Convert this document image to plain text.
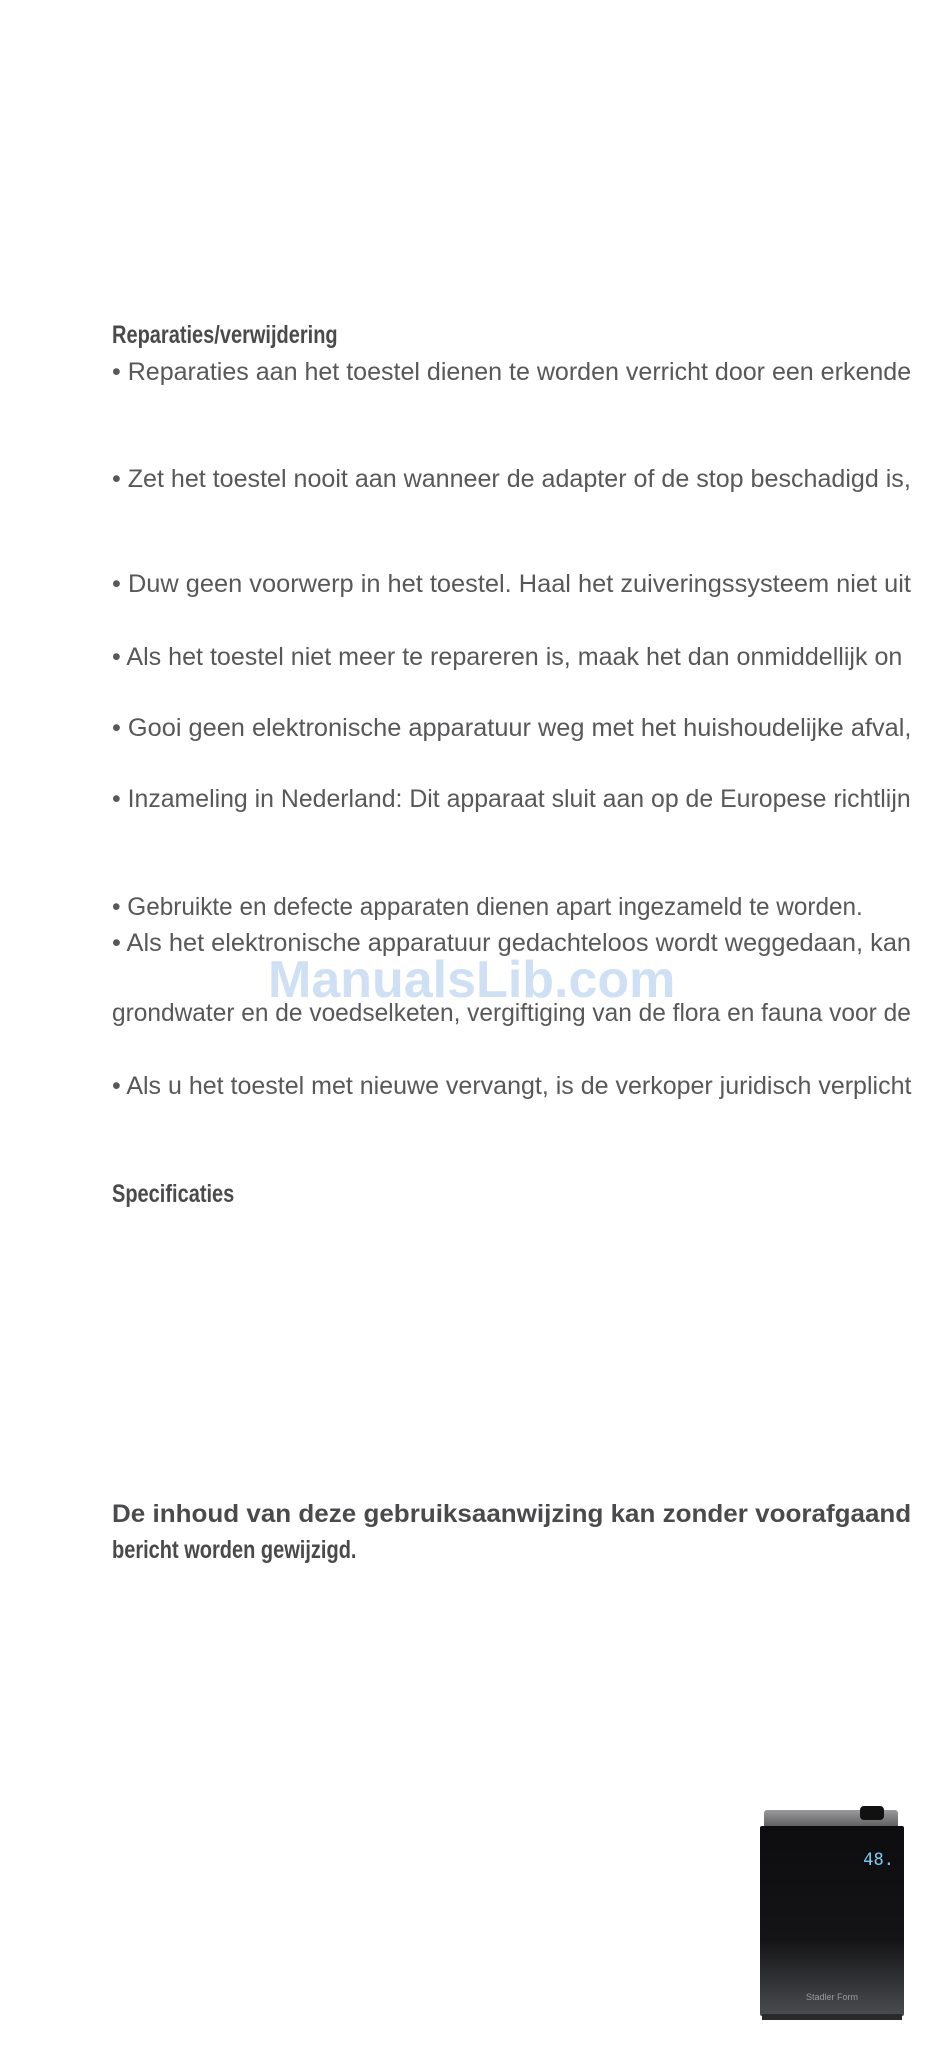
Reparaties/verwijdering
• Reparaties aan het toestel dienen te worden verricht door een erkende
• Zet het toestel nooit aan wanneer de adapter of de stop beschadigd is,
• Duw geen voorwerp in het toestel. Haal het zuiveringssysteem niet uit
• Als het toestel niet meer te repareren is, maak het dan onmiddellijk on
• Gooi geen elektronische apparatuur weg met het huishoudelijke afval,
• Inzameling in Nederland: Dit apparaat sluit aan op de Europese richtlijn
• Gebruikte en defecte apparaten dienen apart ingezameld te worden.
• Als het elektronische apparatuur gedachteloos wordt weggedaan, kan
grondwater en de voedselketen, vergiftiging van de flora en fauna voor de
• Als u het toestel met nieuwe vervangt, is de verkoper juridisch verplicht
Specificaties
De inhoud van deze gebruiksaanwijzing kan zonder voorafgaand
bericht worden gewijzigd.
ManualsLib.com
48.
Stadler Form
